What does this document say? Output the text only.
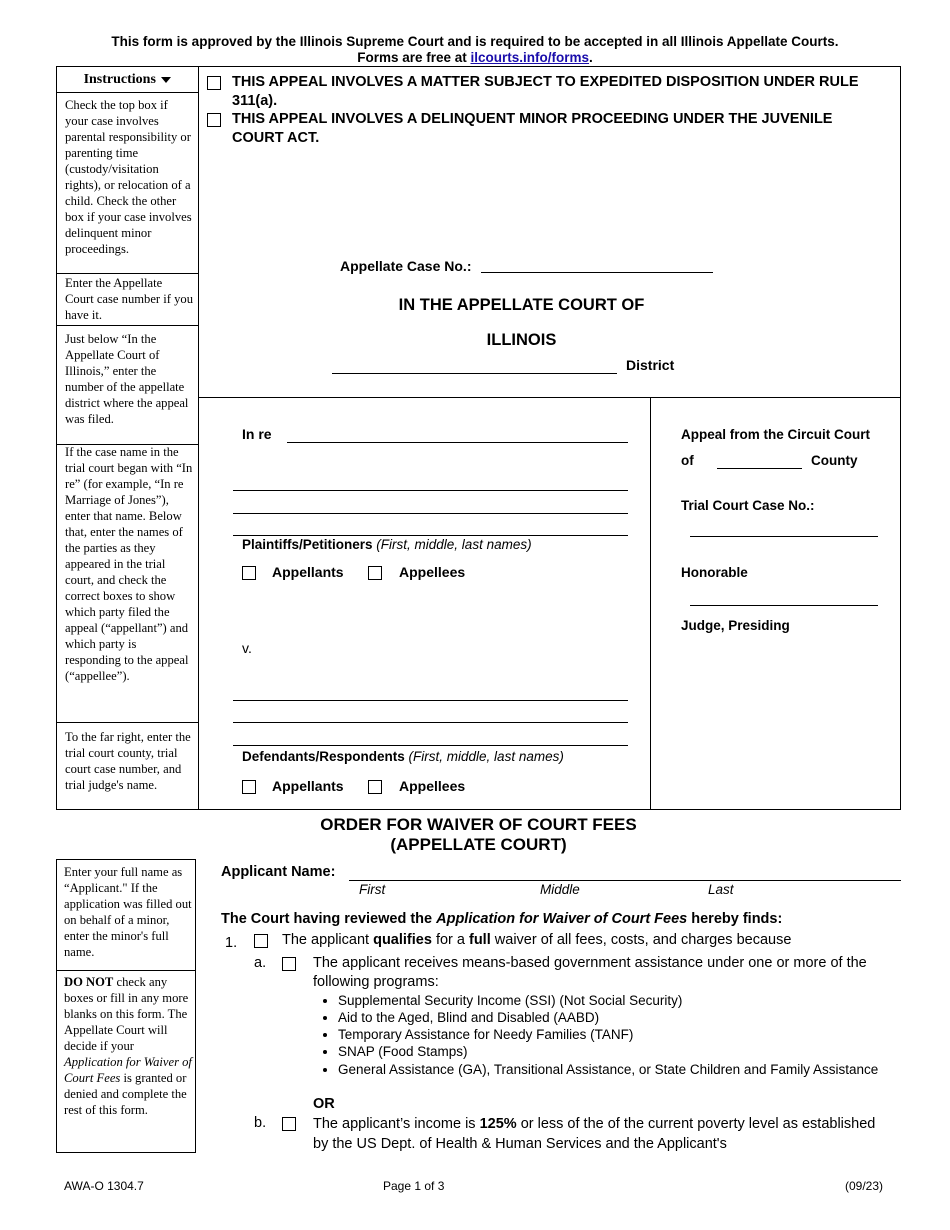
This form is approved by the Illinois Supreme Court and is required to be accepted in all Illinois Appellate Courts.
Forms are free at ilcourts.info/forms.
Instructions
Check the top box if your case involves parental responsibility or parenting time (custody/visitation rights), or relocation of a child. Check the other box if your case involves delinquent minor proceedings.
Enter the Appellate Court case number if you have it.
Just below “In the Appellate Court of Illinois,” enter the number of the appellate district where the appeal was filed.
If the case name in the trial court began with “In re” (for example, “In re Marriage of Jones”), enter that name. Below that, enter the names of the parties as they appeared in the trial court, and check the correct boxes to show which party filed the appeal (“appellant”) and which party is responding to the appeal (“appellee”).
To the far right, enter the trial court county, trial court case number, and trial judge's name.
THIS APPEAL INVOLVES A MATTER SUBJECT TO EXPEDITED DISPOSITION UNDER RULE 311(a).
THIS APPEAL INVOLVES A DELINQUENT MINOR PROCEEDING UNDER THE JUVENILE COURT ACT.
Appellate Case No.:
IN THE APPELLATE COURT OF
ILLINOIS
District
In re
Plaintiffs/Petitioners (First, middle, last names)
Appellants	Appellees
v.
Defendants/Respondents (First, middle, last names)
Appellants	Appellees
Appeal from the Circuit Court
of	County
Trial Court Case No.:
Honorable
Judge, Presiding
ORDER FOR WAIVER OF COURT FEES
(APPELLATE COURT)
Enter your full name as “Applicant." If the application was filled out on behalf of a minor, enter the minor's full name.
DO NOT check any boxes or fill in any more blanks on this form. The Appellate Court will decide if your Application for Waiver of Court Fees is granted or denied and complete the rest of this form.
Applicant Name:
First	Middle	Last
The Court having reviewed the Application for Waiver of Court Fees hereby finds:
1.	The applicant qualifies for a full waiver of all fees, costs, and charges because
a.	The applicant receives means-based government assistance under one or more of the following programs:
• Supplemental Security Income (SSI) (Not Social Security)
• Aid to the Aged, Blind and Disabled (AABD)
• Temporary Assistance for Needy Families (TANF)
• SNAP (Food Stamps)
• General Assistance (GA), Transitional Assistance, or State Children and Family Assistance
OR
b.	The applicant’s income is 125% or less of the of the current poverty level as established by the US Dept. of Health & Human Services and the Applicant's
AWA-O 1304.7	Page 1 of 3	(09/23)
